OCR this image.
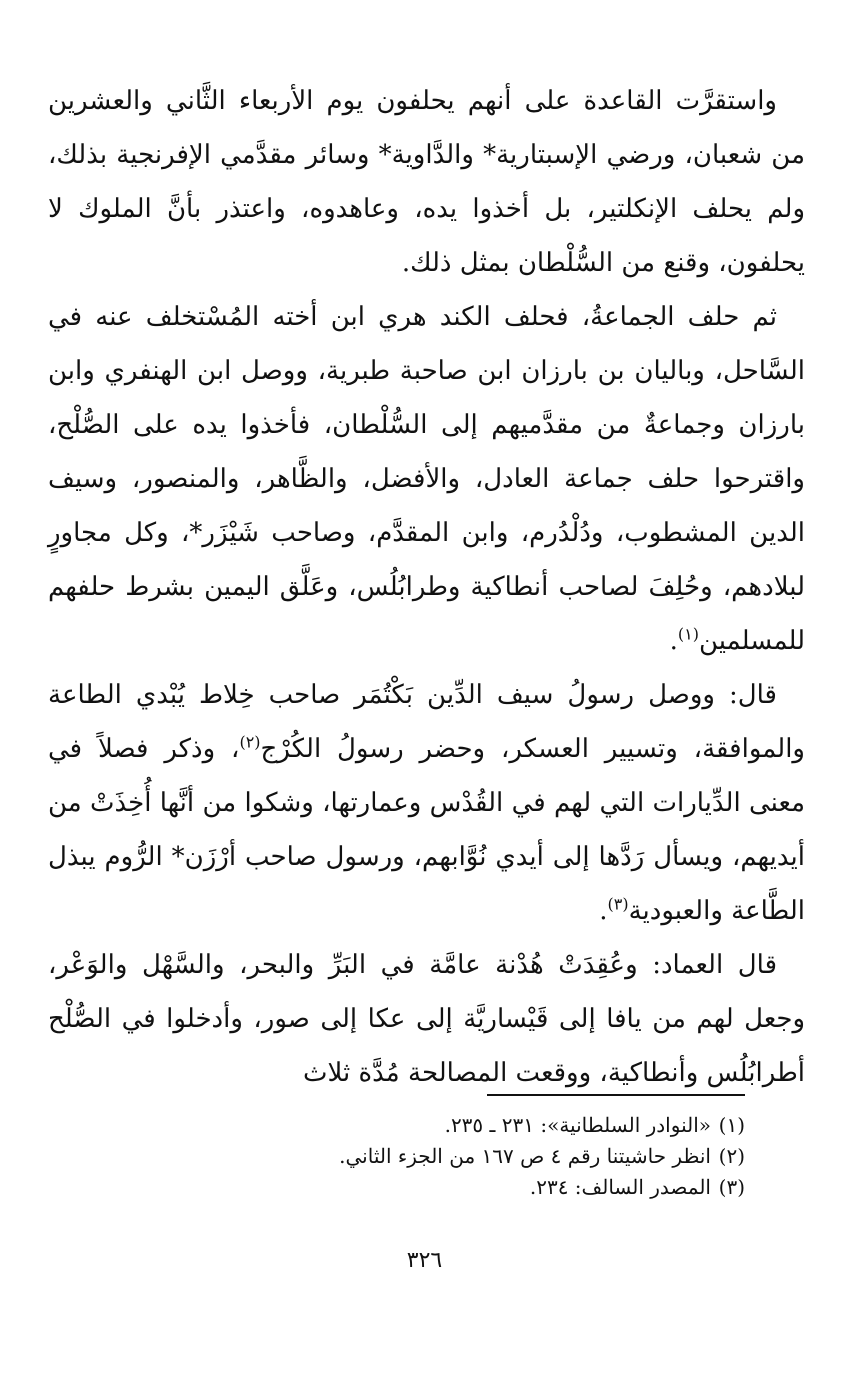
واستقرَّت القاعدة على أنهم يحلفون يوم الأربعاء الثَّاني والعشرين من شعبان، ورضي الإسبتارية* والدَّاوية* وسائر مقدَّمي الإفرنجية بذلك، ولم يحلف الإنكلتير، بل أخذوا يده، وعاهدوه، واعتذر بأنَّ الملوك لا يحلفون، وقنع من السُّلْطان بمثل ذلك.

ثم حلف الجماعةُ، فحلف الكند هري ابن أخته المُسْتخلف عنه في السَّاحل، وباليان بن بارزان ابن صاحبة طبرية، ووصل ابن الهنفري وابن بارزان وجماعةٌ من مقدَّميهم إلى السُّلْطان، فأخذوا يده على الصُّلْح، واقترحوا حلف جماعة العادل، والأفضل، والظَّاهر، والمنصور، وسيف الدين المشطوب، ودُلْدُرم، وابن المقدَّم، وصاحب شَيْزَر*، وكل مجاورٍ لبلادهم، وحُلِفَ لصاحب أنطاكية وطرابُلُس، وعَلَّق اليمين بشرط حلفهم للمسلمين$^{(١)}$.

قال: ووصل رسولُ سيف الدِّين بَكْتُمَر صاحب خِلاط يُبْدي الطاعة والموافقة، وتسيير العسكر، وحضر رسولُ الكُرْج$^{(٢)}$، وذكر فصلاً في معنى الدِّيارات التي لهم في القُدْس وعمارتها، وشكوا من أنَّها أُخِذَتْ من أيديهم، ويسأل رَدَّها إلى أيدي نُوَّابهم، ورسول صاحب أرْزَن* الرُّوم يبذل الطَّاعة والعبودية$^{(٣)}$.

قال العماد: وعُقِدَتْ هُدْنة عامَّة في البَرِّ والبحر، والسَّهْل والوَعْر، وجعل لهم من يافا إلى قَيْساريَّة إلى عكا إلى صور، وأدخلوا في الصُّلْح أطرابُلُس وأنطاكية، ووقعت المصالحة مُدَّة ثلاث

(١)«النوادر السلطانية»: ٢٣١ ـ ٢٣٥.

(٢)انظر حاشيتنا رقم ٤ ص ١٦٧ من الجزء الثاني.

(٣)المصدر السالف: ٢٣٤.

٣٢٦
